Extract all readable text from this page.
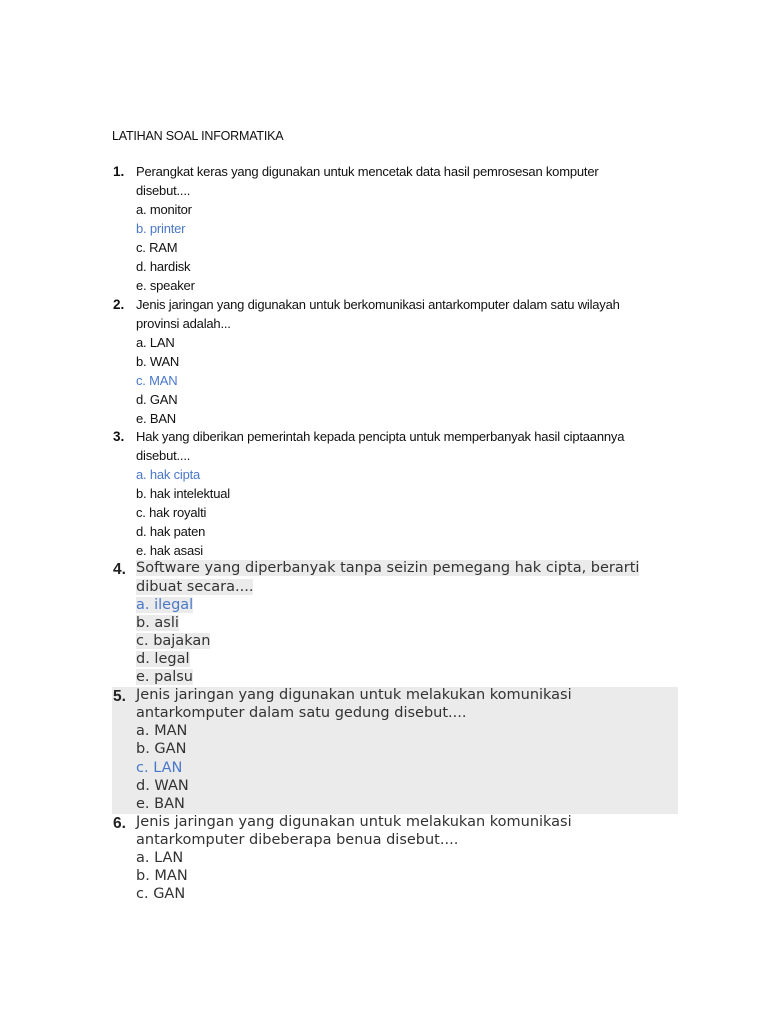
LATIHAN SOAL INFORMATIKA
1. Perangkat keras yang digunakan untuk mencetak data hasil pemrosesan komputer
disebut....
a. monitor
b. printer
c. RAM
d. hardisk
e. speaker
2. Jenis jaringan yang digunakan untuk berkomunikasi antarkomputer dalam satu wilayah
provinsi adalah...
a. LAN
b. WAN
c. MAN
d. GAN
e. BAN
3. Hak yang diberikan pemerintah kepada pencipta untuk memperbanyak hasil ciptaannya
disebut....
a. hak cipta
b. hak intelektual
c. hak royalti
d. hak paten
e. hak asasi
4. Software yang diperbanyak tanpa seizin pemegang hak cipta, berarti
dibuat secara....
a. ilegal
b. asli
c. bajakan
d. legal
e. palsu
5. Jenis jaringan yang digunakan untuk melakukan komunikasi
antarkomputer dalam satu gedung disebut....
a. MAN
b. GAN
c. LAN
d. WAN
e. BAN
6. Jenis jaringan yang digunakan untuk melakukan komunikasi
antarkomputer dibeberapa benua disebut....
a. LAN
b. MAN
c. GAN
